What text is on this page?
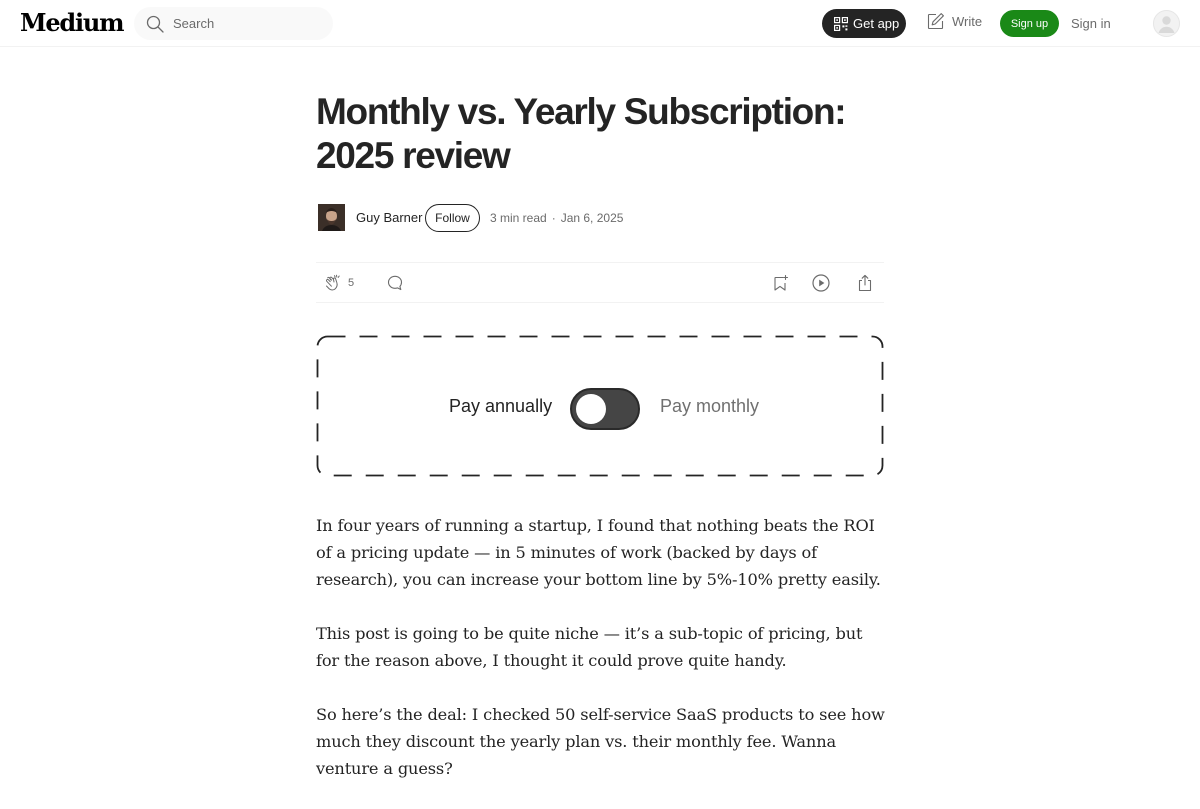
Medium
Search	Get app	Write	Sign up	Sign in
Monthly vs. Yearly Subscription: 2025 review
Guy Barner	Follow	3 min read · Jan 6, 2025
5
Pay annually	Pay monthly

In four years of running a startup, I found that nothing beats the ROI of a pricing update — in 5 minutes of work (backed by days of research), you can increase your bottom line by 5%-10% pretty easily.

This post is going to be quite niche — it’s a sub-topic of pricing, but for the reason above, I thought it could prove quite handy.

So here’s the deal: I checked 50 self-service SaaS products to see how much they discount the yearly plan vs. their monthly fee. Wanna venture a guess?
